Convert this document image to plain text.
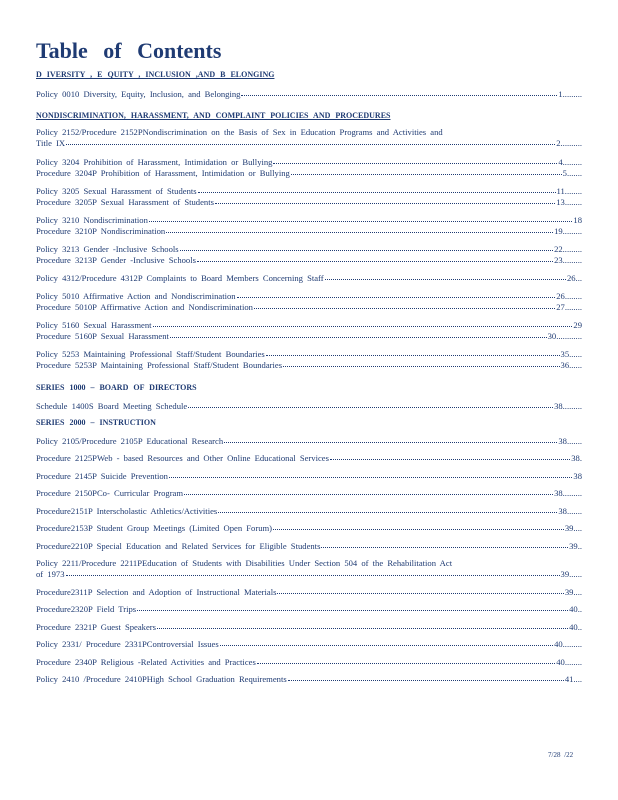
Table of Contents
D IVERSITY , E QUITY , INCLUSION ,AND B ELONGING
Policy 0010 Diversity, Equity, Inclusion, and Belonging	1.........
NONDISCRIMINATION, HARASSMENT, AND COMPLAINT POLICIES AND PROCEDURES
Policy 2152/Procedure 2152PNondiscrimination on the Basis of Sex in Education Programs and Activities and
Title IX	2..........
Policy 3204 Prohibition of Harassment, Intimidation or Bullying	4.........
Procedure 3204P Prohibition of Harassment, Intimidation or Bullying	5.......
Policy 3205 Sexual Harassment of Students	11........
Procedure 3205P Sexual Harassment of Students	13........
Policy 3210 Nondiscrimination	18
Procedure 3210P Nondiscrimination	19.........
Policy 3213 Gender -Inclusive Schools	22.........
Procedure 3213P Gender -Inclusive Schools	23.........
Policy 4312/Procedure 4312P Complaints to Board Members Concerning Staff	26...
Policy 5010 Affirmative Action and Nondiscrimination	26........
Procedure 5010P Affirmative Action and Nondiscrimination	27........
Policy 5160 Sexual Harassment	29
Procedure 5160P Sexual Harassment	30............
Policy 5253 Maintaining Professional Staff/Student Boundaries	35......
Procedure 5253P Maintaining Professional Staff/Student Boundaries	36......
SERIES 1000 – BOARD OF DIRECTORS
Schedule 1400S Board Meeting Schedule	38.........
SERIES 2000 – INSTRUCTION
Policy 2105/Procedure 2105P Educational Research	38.......
Procedure 2125PWeb - based Resources and Other Online Educational Services	38.
Procedure 2145P Suicide Prevention	38
Procedure 2150PCo- Curricular Program	38.........
Procedure2151P Interscholastic Athletics/Activities	38.......
Procedure2153P Student Group Meetings (Limited Open Forum)	39....
Procedure2210P Special Education and Related Services for Eligible Students	39..
Policy 2211/Procedure 2211PEducation of Students with Disabilities Under Section 504 of the Rehabilitation Act
of 1973	39......
Procedure2311P Selection and Adoption of Instructional Materials	39....
Procedure2320P Field Trips	40..
Procedure 2321P Guest Speakers	40..
Policy 2331/ Procedure 2331PControversial Issues	40.........
Procedure 2340P Religious -Related Activities and Practices	40........
Policy 2410 /Procedure 2410PHigh School Graduation Requirements	41....
7/28 /22
